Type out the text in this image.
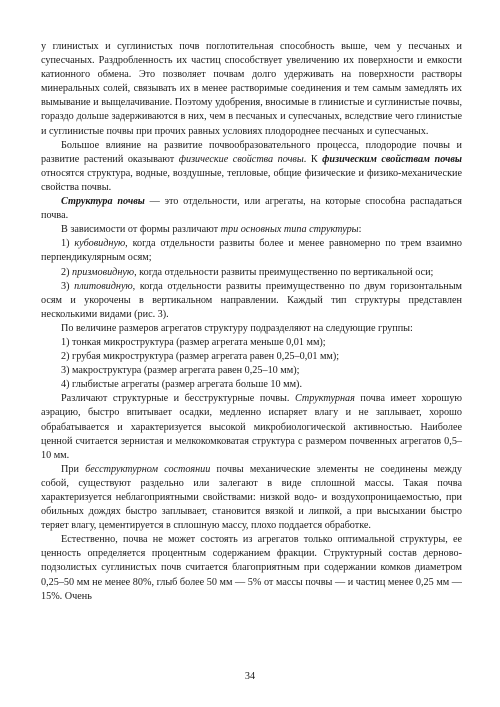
у глинистых и суглинистых почв поглотительная способность выше, чем у песчаных и супесчаных. Раздробленность их частиц способствует увеличению их поверхности и емкости катионного обмена. Это позволяет почвам долго удерживать на поверхности растворы минеральных солей, связывать их в менее растворимые соединения и тем самым замедлять их вымывание и выщелачивание. Поэтому удобрения, вносимые в глинистые и суглинистые почвы, гораздо дольше задерживаются в них, чем в песчаных и супесчаных, вследствие чего глинистые и суглинистые почвы при прочих равных условиях плодороднее песчаных и супесчаных.

Большое влияние на развитие почвообразовательного процесса, плодородие почвы и развитие растений оказывают физические свойства почвы. К физическим свойствам почвы относятся структура, водные, воздушные, тепловые, общие физические и физико-механические свойства почвы.

Структура почвы — это отдельности, или агрегаты, на которые способна распадаться почва.

В зависимости от формы различают три основных типа структуры:

1) кубовидную, когда отдельности развиты более и менее равномерно по трем взаимно перпендикулярным осям;

2) призмовидную, когда отдельности развиты преимущественно по вертикальной оси;

3) плитовидную, когда отдельности развиты преимущественно по двум горизонтальным осям и укорочены в вертикальном направлении. Каждый тип структуры представлен несколькими видами (рис. 3).

По величине размеров агрегатов структуру подразделяют на следующие группы:

1) тонкая микроструктура (размер агрегата меньше 0,01 мм);

2) грубая микроструктура (размер агрегата равен 0,25–0,01 мм);

3) макроструктура (размер агрегата равен 0,25–10 мм);

4) глыбистые агрегаты (размер агрегата больше 10 мм).

Различают структурные и бесструктурные почвы. Структурная почва имеет хорошую аэрацию, быстро впитывает осадки, медленно испаряет влагу и не заплывает, хорошо обрабатывается и характеризуется высокой микробиологической активностью. Наиболее ценной считается зернистая и мелкокомковатая структура с размером почвенных агрегатов 0,5–10 мм.

При бесструктурном состоянии почвы механические элементы не соединены между собой, существуют раздельно или залегают в виде сплошной массы. Такая почва характеризуется неблагоприятными свойствами: низкой водо- и воздухопроницаемостью, при обильных дождях быстро заплывает, становится вязкой и липкой, а при высыхании быстро теряет влагу, цементируется в сплошную массу, плохо поддается обработке.

Естественно, почва не может состоять из агрегатов только оптимальной структуры, ее ценность определяется процентным содержанием фракции. Структурный состав дерново-подзолистых суглинистых почв считается благоприятным при содержании комков диаметром 0,25–50 мм не менее 80%, глыб более 50 мм — 5% от массы почвы — и частиц менее 0,25 мм — 15%. Очень

34
